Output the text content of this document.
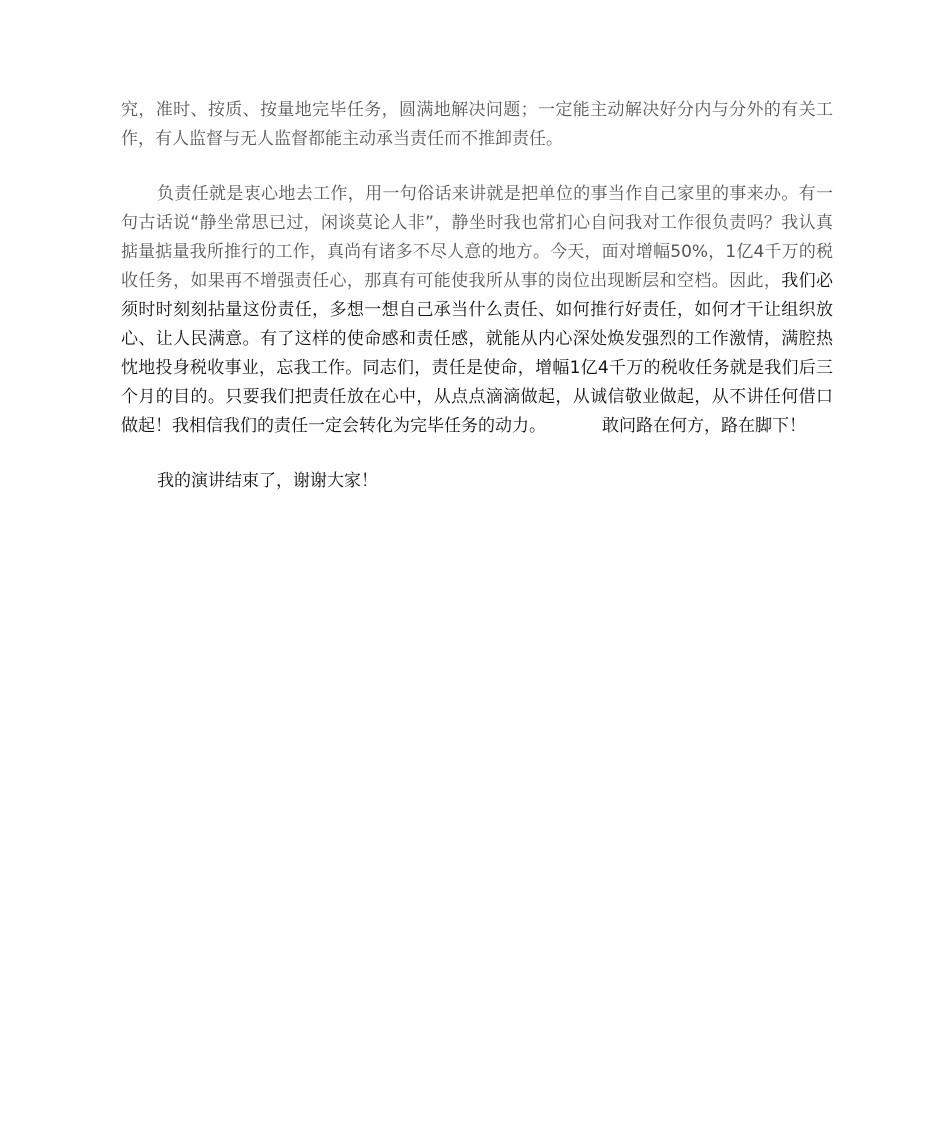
究，准时、按质、按量地完毕任务，圆满地解决问题；一定能主动解决好分内与分外的有关工作，有人监督与无人监督都能主动承当责任而不推卸责任。

负责任就是衷心地去工作，用一句俗话来讲就是把单位的事当作自己家里的事来办。有一句古话说“静坐常思已过，闲谈莫论人非”，静坐时我也常扪心自问我对工作很负责吗？我认真掂量掂量我所推行的工作，真尚有诸多不尽人意的地方。今天，面对增幅50%，1亿4千万的税收任务，如果再不增强责任心，那真有可能使我所从事的岗位出现断层和空档。因此，我们必须时时刻刻拈量这份责任，多想一想自己承当什么责任、如何推行好责任，如何才干让组织放心、让人民满意。有了这样的使命感和责任感，就能从内心深处焕发强烈的工作激情，满腔热忱地投身税收事业，忘我工作。同志们，责任是使命，增幅1亿4千万的税收任务就是我们后三个月的目的。只要我们把责任放在心中，从点点滴滴做起，从诚信敬业做起，从不讲任何借口做起！我相信我们的责任一定会转化为完毕任务的动力。	敢问路在何方，路在脚下！

我的演讲结束了，谢谢大家！
